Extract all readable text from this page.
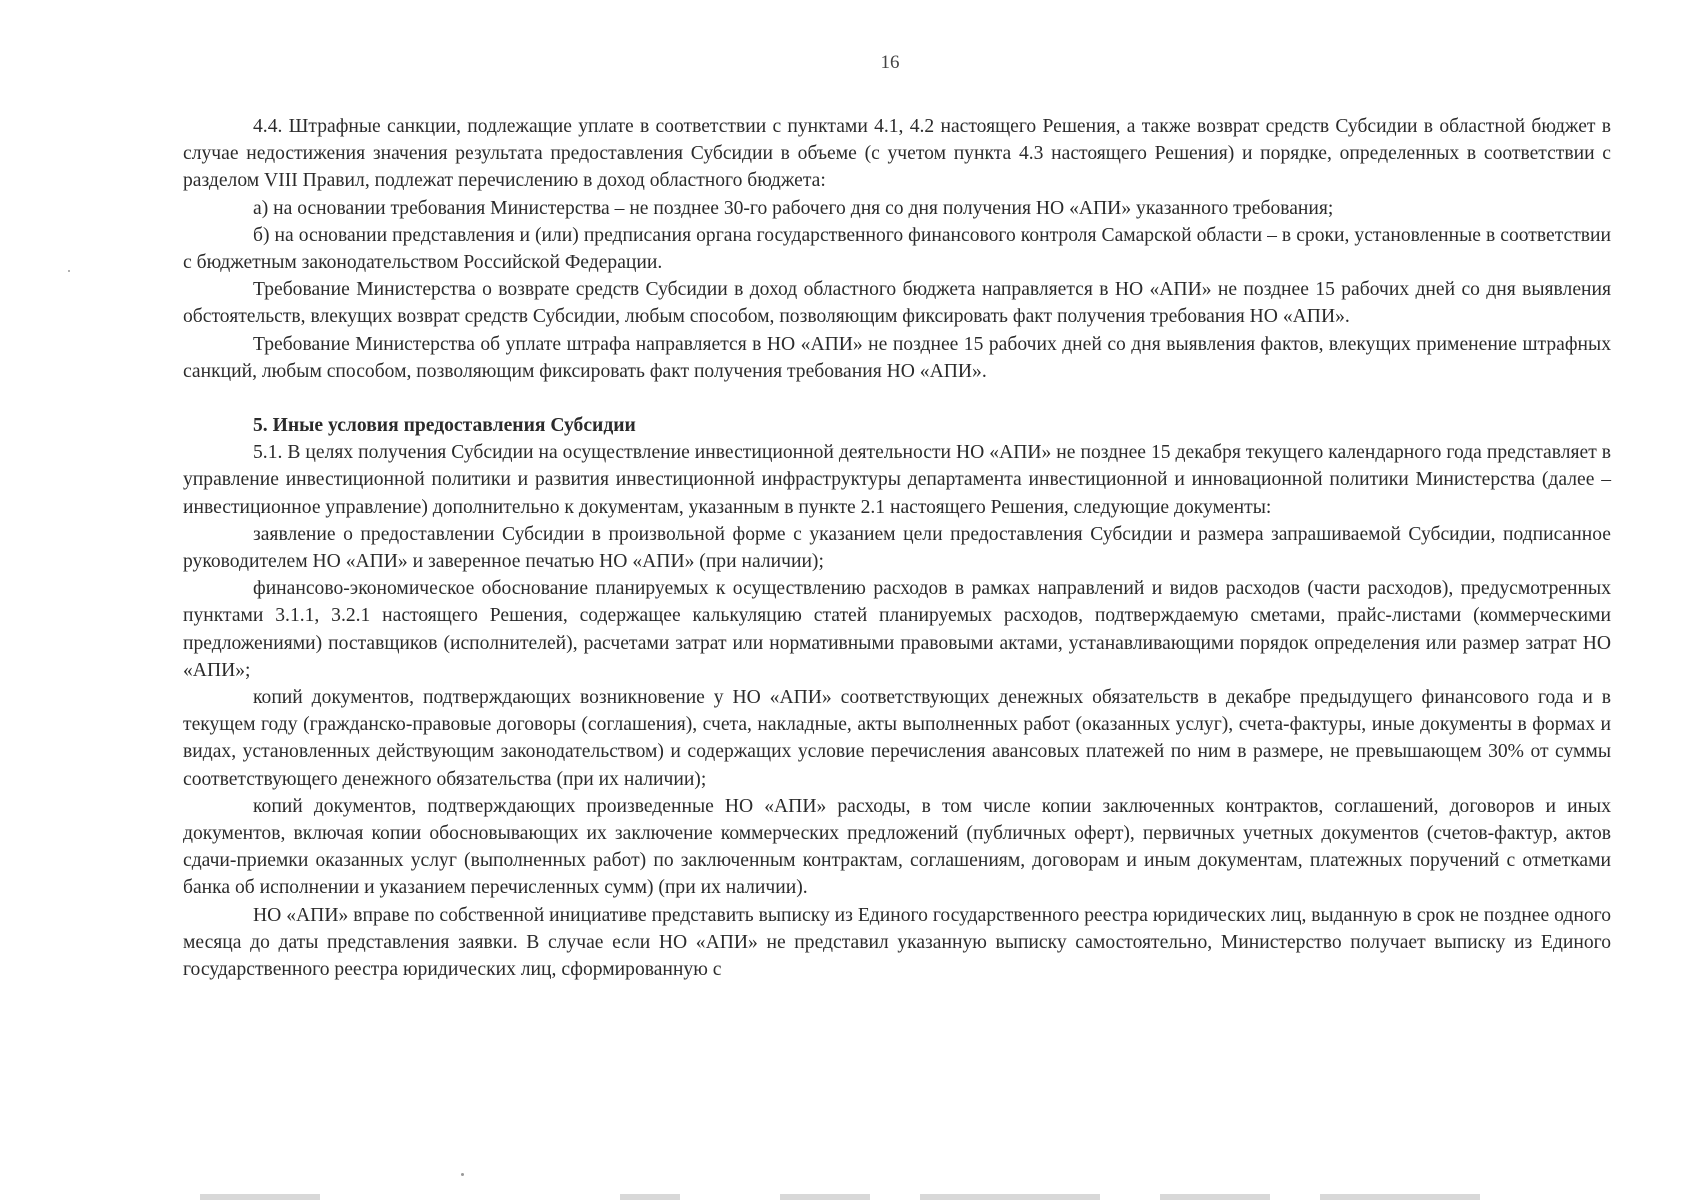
16

4.4. Штрафные санкции, подлежащие уплате в соответствии с пунктами 4.1, 4.2 настоящего Решения, а также возврат средств Субсидии в областной бюджет в случае недостижения значения результата предоставления Субсидии в объеме (с учетом пункта 4.3 настоящего Решения) и порядке, определенных в соответствии с разделом VIII Правил, подлежат перечислению в доход областного бюджета:

а) на основании требования Министерства – не позднее 30-го рабочего дня со дня получения НО «АПИ» указанного требования;

б) на основании представления и (или) предписания органа государственного финансового контроля Самарской области – в сроки, установленные в соответствии с бюджетным законодательством Российской Федерации.

Требование Министерства о возврате средств Субсидии в доход областного бюджета направляется в НО «АПИ» не позднее 15 рабочих дней со дня выявления обстоятельств, влекущих возврат средств Субсидии, любым способом, позволяющим фиксировать факт получения требования НО «АПИ».

Требование Министерства об уплате штрафа направляется в НО «АПИ» не позднее 15 рабочих дней со дня выявления фактов, влекущих применение штрафных санкций, любым способом, позволяющим фиксировать факт получения требования НО «АПИ».

5. Иные условия предоставления Субсидии

5.1. В целях получения Субсидии на осуществление инвестиционной деятельности НО «АПИ» не позднее 15 декабря текущего календарного года представляет в управление инвестиционной политики и развития инвестиционной инфраструктуры департамента инвестиционной и инновационной политики Министерства (далее – инвестиционное управление) дополнительно к документам, указанным в пункте 2.1 настоящего Решения, следующие документы:

заявление о предоставлении Субсидии в произвольной форме с указанием цели предоставления Субсидии и размера запрашиваемой Субсидии, подписанное руководителем НО «АПИ» и заверенное печатью НО «АПИ» (при наличии);

финансово-экономическое обоснование планируемых к осуществлению расходов в рамках направлений и видов расходов (части расходов), предусмотренных пунктами 3.1.1, 3.2.1 настоящего Решения, содержащее калькуляцию статей планируемых расходов, подтверждаемую сметами, прайс-листами (коммерческими предложениями) поставщиков (исполнителей), расчетами затрат или нормативными правовыми актами, устанавливающими порядок определения или размер затрат НО «АПИ»;

копий документов, подтверждающих возникновение у НО «АПИ» соответствующих денежных обязательств в декабре предыдущего финансового года и в текущем году (гражданско-правовые договоры (соглашения), счета, накладные, акты выполненных работ (оказанных услуг), счета-фактуры, иные документы в формах и видах, установленных действующим законодательством) и содержащих условие перечисления авансовых платежей по ним в размере, не превышающем 30% от суммы соответствующего денежного обязательства (при их наличии);

копий документов, подтверждающих произведенные НО «АПИ» расходы, в том числе копии заключенных контрактов, соглашений, договоров и иных документов, включая копии обосновывающих их заключение коммерческих предложений (публичных оферт), первичных учетных документов (счетов-фактур, актов сдачи-приемки оказанных услуг (выполненных работ) по заключенным контрактам, соглашениям, договорам и иным документам, платежных поручений с отметками банка об исполнении и указанием перечисленных сумм) (при их наличии).

НО «АПИ» вправе по собственной инициативе представить выписку из Единого государственного реестра юридических лиц, выданную в срок не позднее одного месяца до даты представления заявки. В случае если НО «АПИ» не представил указанную выписку самостоятельно, Министерство получает выписку из Единого государственного реестра юридических лиц, сформированную с
